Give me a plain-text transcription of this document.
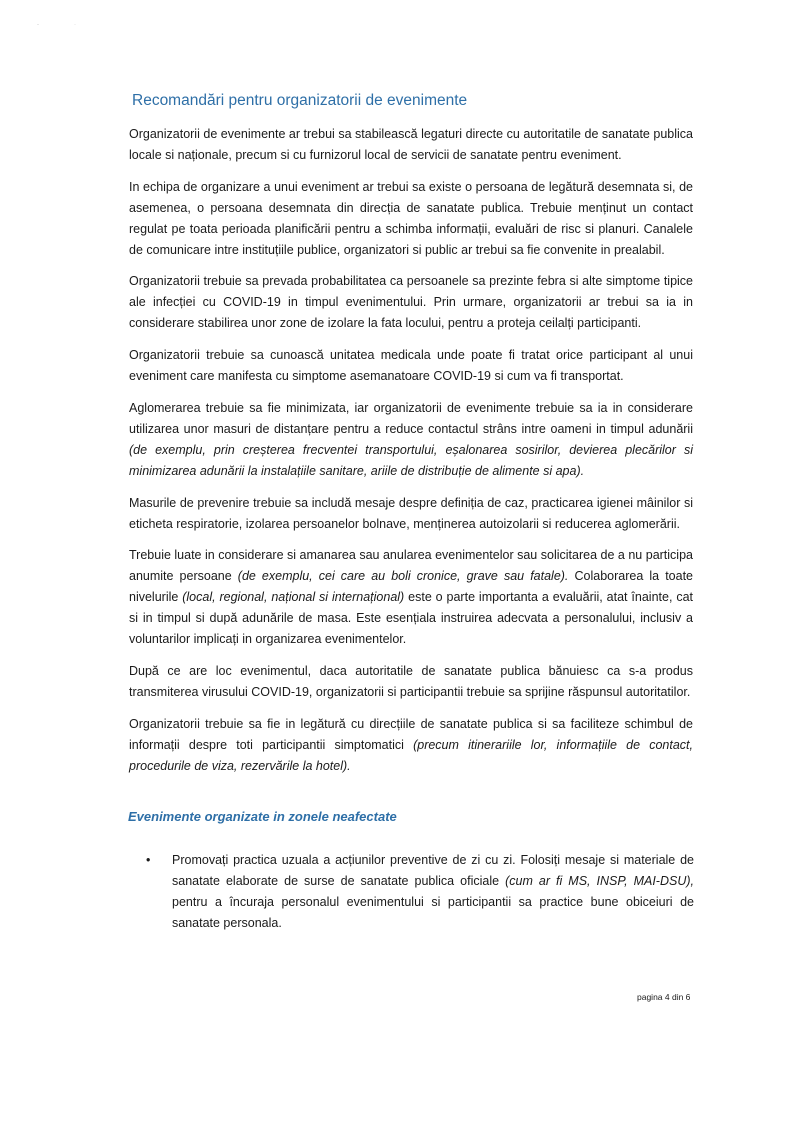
‐	·
Recomandări pentru organizatorii de evenimente

Organizatorii de evenimente ar trebui sa stabilească legaturi directe cu autoritatile de sanatate publica locale si naționale, precum si cu furnizorul local de servicii de sanatate pentru eveniment.

In echipa de organizare a unui eveniment ar trebui sa existe o persoana de legătură desemnata si, de asemenea, o persoana desemnata din direcția de sanatate publica. Trebuie menținut un contact regulat pe toata perioada planificării pentru a schimba informații, evaluări de risc si planuri. Canalele de comunicare intre instituțiile publice, organizatori si public ar trebui sa fie convenite in prealabil.

Organizatorii trebuie sa prevada probabilitatea ca persoanele sa prezinte febra si alte simptome tipice ale infecției cu COVID-19 in timpul evenimentului. Prin urmare, organizatorii ar trebui sa ia in considerare stabilirea unor zone de izolare la fata locului, pentru a proteja ceilalți participanti.

Organizatorii trebuie sa cunoască unitatea medicala unde poate fi tratat orice participant al unui eveniment care manifesta cu simptome asemanatoare COVID-19 si cum va fi transportat.

Aglomerarea trebuie sa fie minimizata, iar organizatorii de evenimente trebuie sa ia in considerare utilizarea unor masuri de distanțare pentru a reduce contactul strâns intre oameni in timpul adunării (de exemplu, prin creșterea frecventei transportului, eșalonarea sosirilor, devierea plecărilor si minimizarea adunării la instalațiile sanitare, ariile de distribuție de alimente si apa).

Masurile de prevenire trebuie sa includă mesaje despre definiția de caz, practicarea igienei mâinilor si eticheta respiratorie, izolarea persoanelor bolnave, menținerea autoizolarii si reducerea aglomerării.

Trebuie luate in considerare si amanarea sau anularea evenimentelor sau solicitarea de a nu participa anumite persoane (de exemplu, cei care au boli cronice, grave sau fatale). Colaborarea la toate nivelurile (local, regional, național si internațional) este o parte importanta a evaluării, atat înainte, cat si in timpul si după adunările de masa. Este esențiala instruirea adecvata a personalului, inclusiv a voluntarilor implicați in organizarea evenimentelor.

După ce are loc evenimentul, daca autoritatile de sanatate publica bănuiesc ca s-a produs transmiterea virusului COVID-19, organizatorii si participantii trebuie sa sprijine răspunsul autoritatilor.

Organizatorii trebuie sa fie in legătură cu direcțiile de sanatate publica si sa faciliteze schimbul de informații despre toti participantii simptomatici (precum itinerariile lor, informațiile de contact, procedurile de viza, rezervările la hotel).

Evenimente organizate in zonele neafectate
• Promovați practica uzuala a acțiunilor preventive de zi cu zi. Folosiți mesaje si materiale de sanatate elaborate de surse de sanatate publica oficiale (cum ar fi MS, INSP, MAI-DSU), pentru a încuraja personalul evenimentului si participantii sa practice bune obiceiuri de sanatate personala.

pagina 4 din 6
